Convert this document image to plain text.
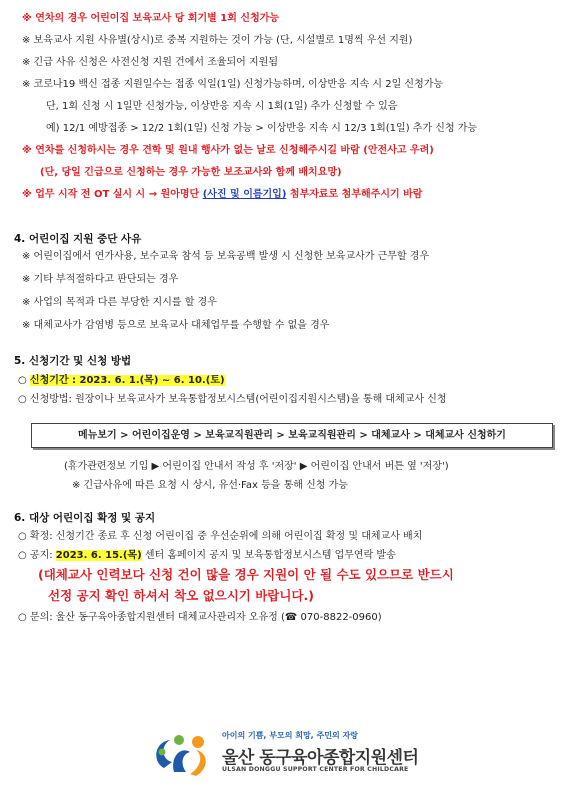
※ 연차의 경우 어린이집 보육교사 당 회기별 1회 신청가능
※ 보육교사 지원 사유별(상시)로 중복 지원하는 것이 가능 (단, 시설별로 1명씩 우선 지원)
※ 긴급 사유 신청은 사전신청 지원 건에서 조율되어 지원됨
※ 코로나19 백신 접종 지원일수는 접종 익일(1일) 신청가능하며, 이상반응 지속 시 2일 신청가능
단, 1회 신청 시 1일만 신청가능, 이상반응 지속 시 1회(1일) 추가 신청할 수 있음
예) 12/1 예방접종 > 12/2 1회(1일) 신청 가능 > 이상반응 지속 시 12/3 1회(1일) 추가 신청 가능
※ 연차를 신청하시는 경우 견학 및 원내 행사가 없는 날로 신청해주시길 바람 (안전사고 우려)
(단, 당일 긴급으로 신청하는 경우 가능한 보조교사와 함께 배치요망)
※ 업무 시작 전 OT 실시 시 → 원아명단 (사진 및 이름기입) 첨부자료로 첨부해주시기 바람
4. 어린이집 지원 중단 사유
※ 어린이집에서 연가사용, 보수교육 참석 등 보육공백 발생 시 신청한 보육교사가 근무할 경우
※ 기타 부적절하다고 판단되는 경우
※ 사업의 목적과 다른 부당한 지시를 할 경우
※ 대체교사가 감염병 등으로 보육교사 대체업무를 수행할 수 없을 경우
5. 신청기간 및 신청 방법
○ 신청기간 : 2023. 6. 1.(목) ~ 6. 10.(토)
○ 신청방법: 원장이나 보육교사가 보육통합정보시스템(어린이집지원시스템)을 통해 대체교사 신청
메뉴보기 > 어린이집운영 > 보육교직원관리 > 보육교직원관리 > 대체교사 > 대체교사 신청하기
(휴가관련정보 기입 ▶ 어린이집 안내서 작성 후 '저장' ▶ 어린이집 안내서 버튼 옆 '저장')
※ 긴급사유에 따른 요청 시 상시, 유선·Fax 등을 통해 신청 가능
6. 대상 어린이집 확정 및 공지
○ 확정: 신청기간 종료 후 신청 어린이집 중 우선순위에 의해 어린이집 확정 및 대체교사 배치
○ 공지: 2023. 6. 15.(목) 센터 홈페이지 공지 및 보육통합정보시스템 업무연락 발송
(대체교사 인력보다 신청 건이 많을 경우 지원이 안 될 수도 있으므로 반드시
선정 공지 확인 하셔서 착오 없으시기 바랍니다.)
○ 문의: 울산 동구육아종합지원센터 대체교사관리자 오유정 (☎ 070-8822-0960)
아이의 기쁨, 부모의 희망, 주민의 자랑
울산 동구육아종합지원센터
ULSAN DONGGU SUPPORT CENTER FOR CHILDCARE
